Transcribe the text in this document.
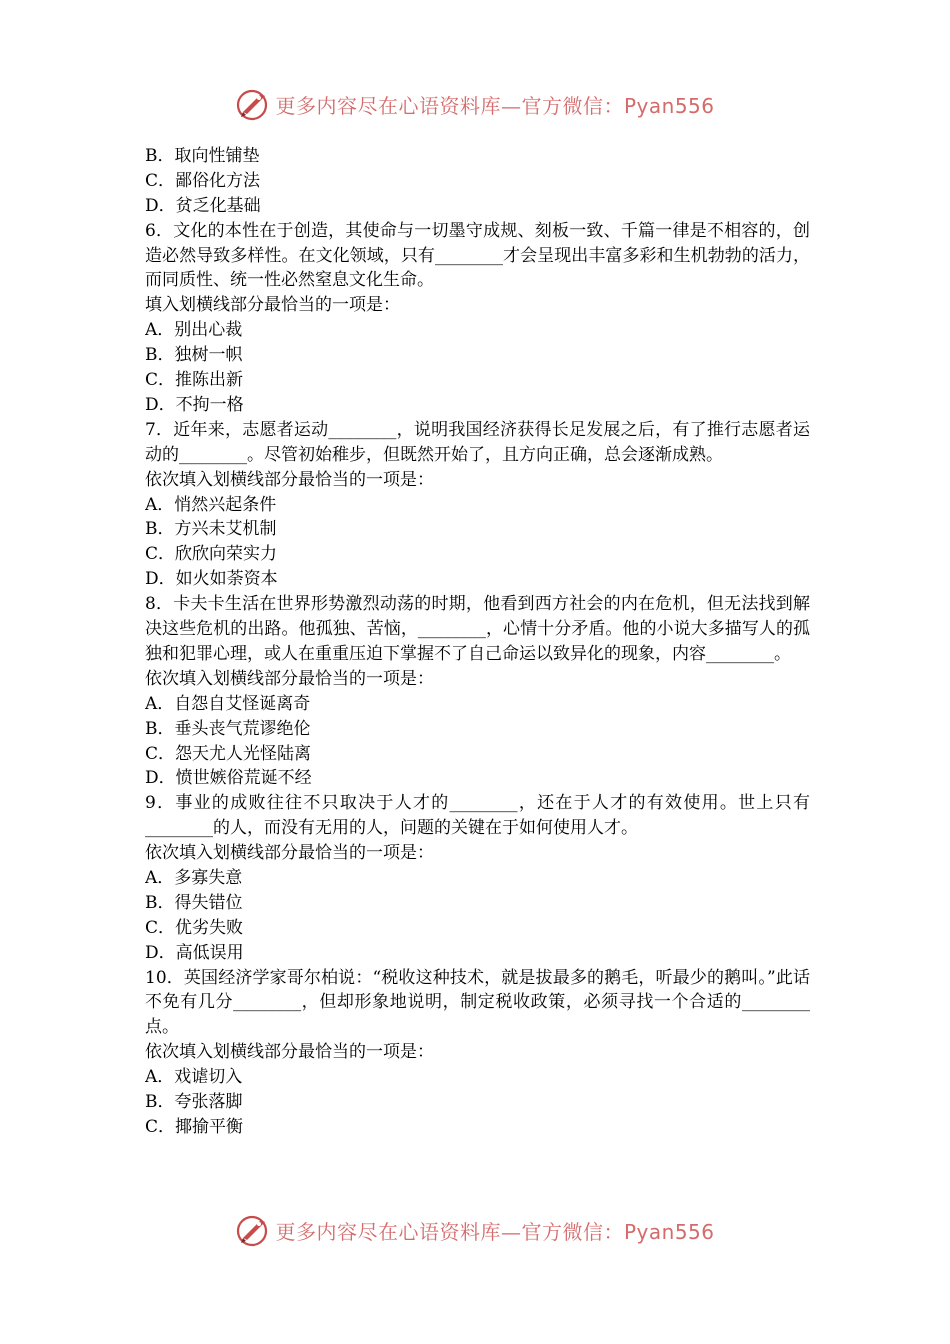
更多内容尽在心语资料库—官方微信：Pyan556
B．取向性铺垫
C．鄙俗化方法
D．贫乏化基础
6．文化的本性在于创造，其使命与一切墨守成规、刻板一致、千篇一律是不相容的，创造必然导致多样性。在文化领域，只有________才会呈现出丰富多彩和生机勃勃的活力，而同质性、统一性必然窒息文化生命。
填入划横线部分最恰当的一项是：
A．别出心裁
B．独树一帜
C．推陈出新
D．不拘一格
7．近年来，志愿者运动________，说明我国经济获得长足发展之后，有了推行志愿者运动的________。尽管初始稚步，但既然开始了，且方向正确，总会逐渐成熟。
依次填入划横线部分最恰当的一项是：
A．悄然兴起条件
B．方兴未艾机制
C．欣欣向荣实力
D．如火如荼资本
8．卡夫卡生活在世界形势激烈动荡的时期，他看到西方社会的内在危机，但无法找到解决这些危机的出路。他孤独、苦恼，________，心情十分矛盾。他的小说大多描写人的孤独和犯罪心理，或人在重重压迫下掌握不了自己命运以致异化的现象，内容________。
依次填入划横线部分最恰当的一项是：
A．自怨自艾怪诞离奇
B．垂头丧气荒谬绝伦
C．怨天尤人光怪陆离
D．愤世嫉俗荒诞不经
9．事业的成败往往不只取决于人才的________，还在于人才的有效使用。世上只有________的人，而没有无用的人，问题的关键在于如何使用人才。
依次填入划横线部分最恰当的一项是：
A．多寡失意
B．得失错位
C．优劣失败
D．高低误用
10．英国经济学家哥尔柏说：“税收这种技术，就是拔最多的鹅毛，听最少的鹅叫。”此话不免有几分________，但却形象地说明，制定税收政策，必须寻找一个合适的________点。
依次填入划横线部分最恰当的一项是：
A．戏谑切入
B．夸张落脚
C．揶揄平衡
更多内容尽在心语资料库—官方微信：Pyan556
